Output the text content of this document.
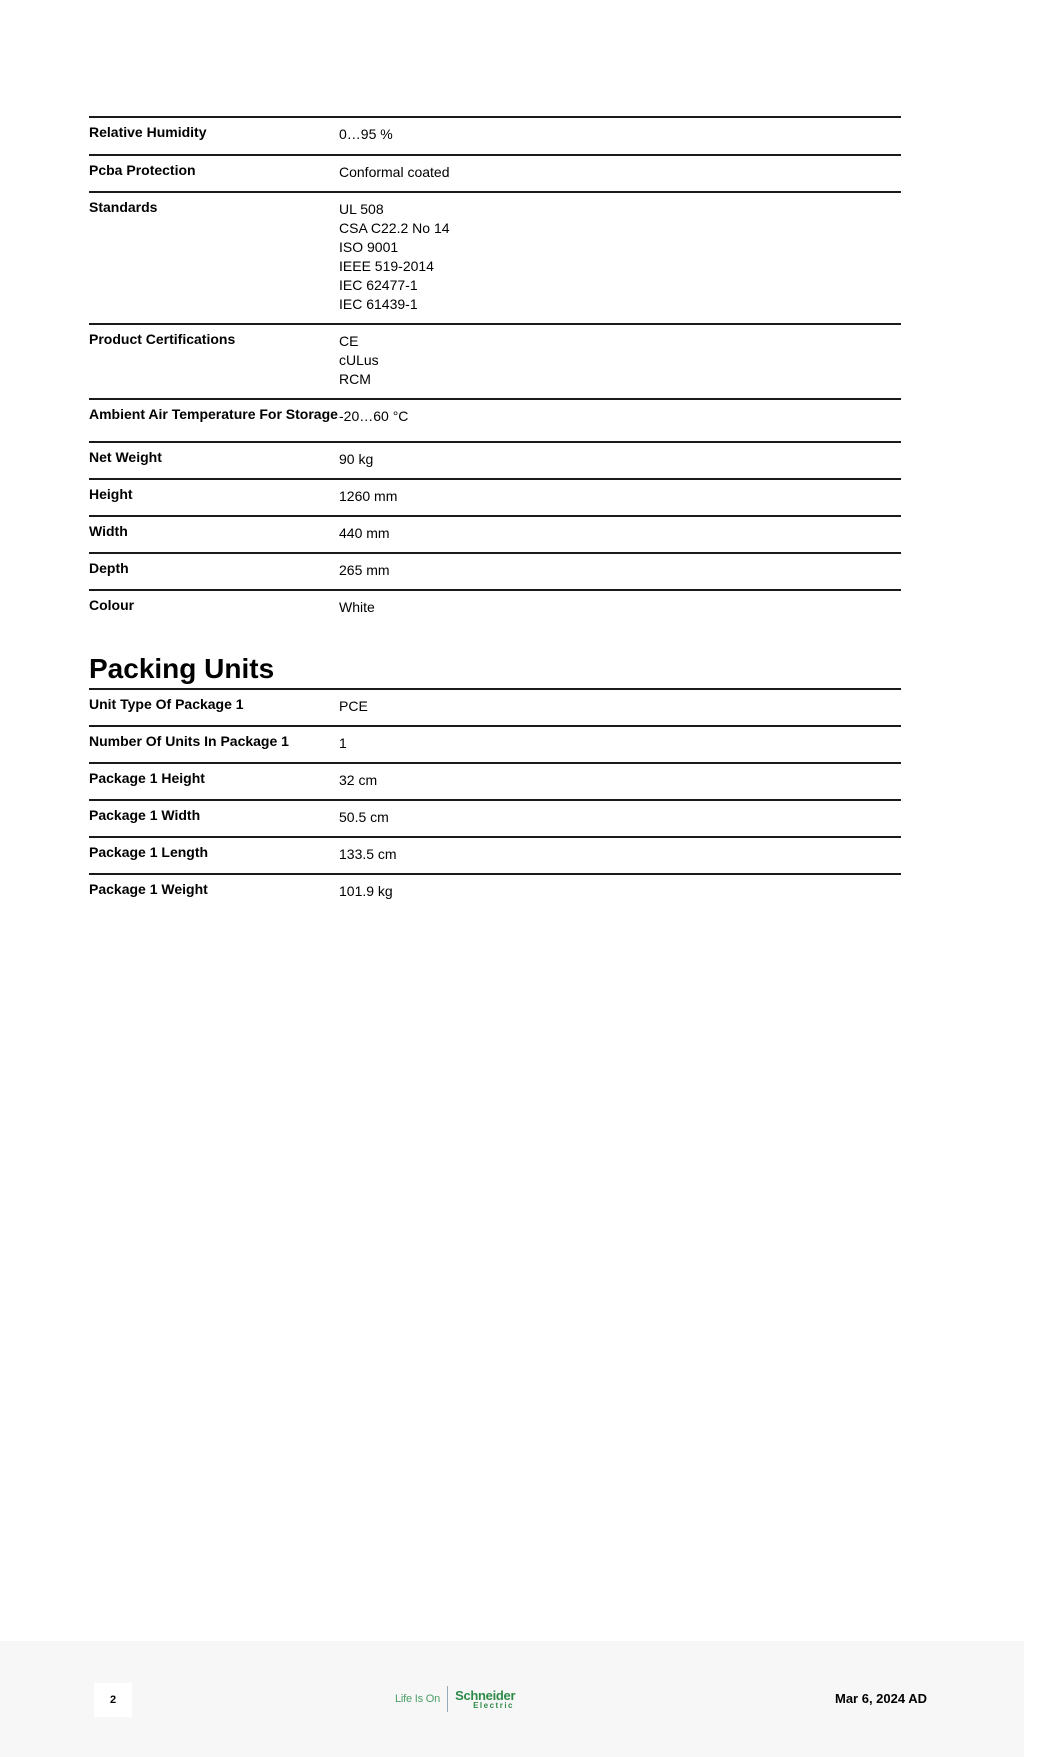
Relative Humidity	0…95 %
Pcba Protection	Conformal coated
Standards	UL 508
CSA C22.2 No 14
ISO 9001
IEEE 519-2014
IEC 62477-1
IEC 61439-1
Product Certifications	CE
cULus
RCM
Ambient Air Temperature For Storage -20…60 °C
Net Weight	90 kg
Height	1260 mm
Width	440 mm
Depth	265 mm
Colour	White
Packing Units
Unit Type Of Package 1	PCE
Number Of Units In Package 1	1
Package 1 Height	32 cm
Package 1 Width	50.5 cm
Package 1 Length	133.5 cm
Package 1 Weight	101.9 kg
2	Life Is On Schneider
Electric	Mar 6, 2024 AD
